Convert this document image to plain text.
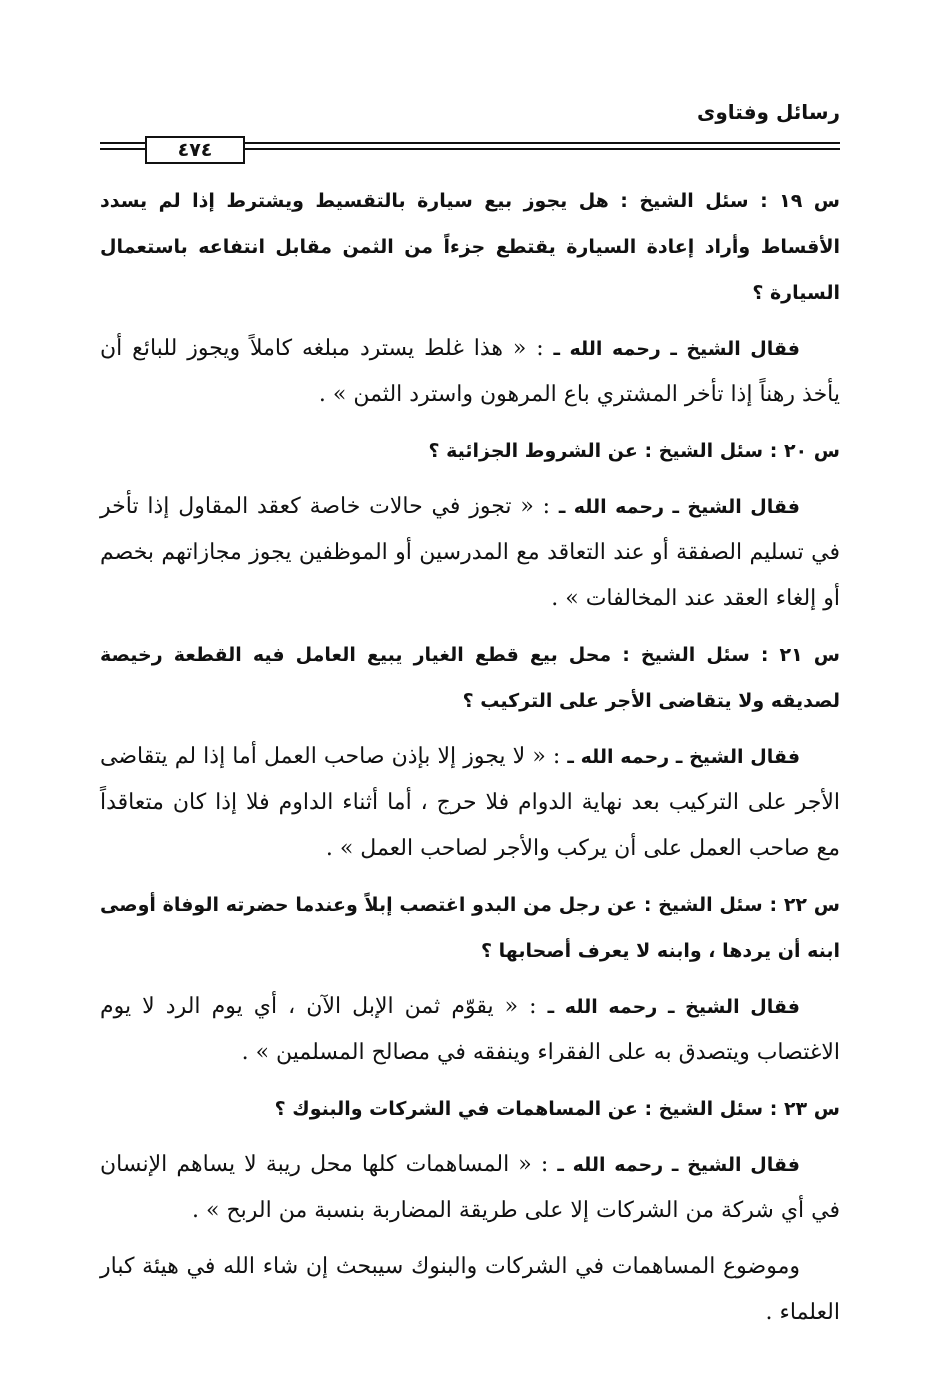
رسائل وفتاوى
٤٧٤

س ١٩ : سئل الشيخ : هل يجوز بيع سيارة بالتقسيط ويشترط إذا لم يسدد الأقساط وأراد إعادة السيارة يقتطع جزءاً من الثمن مقابل انتفاعه باستعمال السيارة ؟

فقال الشيخ ـ رحمه الله ـ : « هذا غلط يسترد مبلغه كاملاً ويجوز للبائع أن يأخذ رهناً إذا تأخر المشتري باع المرهون واسترد الثمن » .

س ٢٠ : سئل الشيخ : عن الشروط الجزائية ؟

فقال الشيخ ـ رحمه الله ـ : « تجوز في حالات خاصة كعقد المقاول إذا تأخر في تسليم الصفقة أو عند التعاقد مع المدرسين أو الموظفين يجوز مجازاتهم بخصم أو إلغاء العقد عند المخالفات » .

س ٢١ : سئل الشيخ : محل بيع قطع الغيار يبيع العامل فيه القطعة رخيصة لصديقه ولا يتقاضى الأجر على التركيب ؟

فقال الشيخ ـ رحمه الله ـ : « لا يجوز إلا بإذن صاحب العمل أما إذا لم يتقاضى الأجر على التركيب بعد نهاية الدوام فلا حرج ، أما أثناء الداوم فلا إذا كان متعاقداً مع صاحب العمل على أن يركب والأجر لصاحب العمل » .

س ٢٢ : سئل الشيخ : عن رجل من البدو اغتصب إبلاً وعندما حضرته الوفاة أوصى ابنه أن يردها ، وابنه لا يعرف أصحابها ؟

فقال الشيخ ـ رحمه الله ـ : « يقوّم ثمن الإبل الآن ، أي يوم الرد لا يوم الاغتصاب ويتصدق به على الفقراء وينفقه في مصالح المسلمين » .

س ٢٣ : سئل الشيخ : عن المساهمات في الشركات والبنوك ؟

فقال الشيخ ـ رحمه الله ـ : « المساهمات كلها محل ريبة لا يساهم الإنسان في أي شركة من الشركات إلا على طريقة المضاربة بنسبة من الربح » .

وموضوع المساهمات في الشركات والبنوك سيبحث إن شاء الله في هيئة كبار العلماء .
